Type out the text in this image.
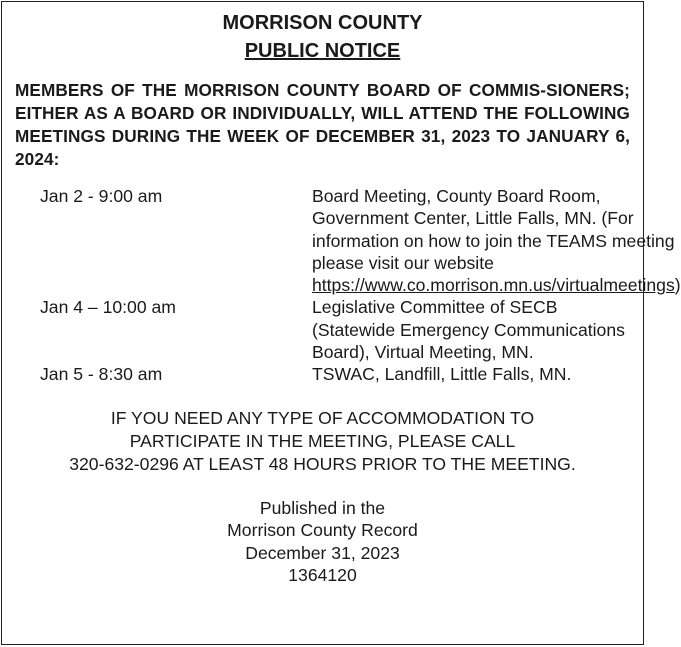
MORRISON COUNTY
PUBLIC NOTICE
MEMBERS OF THE MORRISON COUNTY BOARD OF COMMIS-SIONERS; EITHER AS A BOARD OR INDIVIDUALLY, WILL ATTEND THE FOLLOWING MEETINGS DURING THE WEEK OF DECEMBER 31, 2023 TO JANUARY 6, 2024:
Jan 2 - 9:00 am	Board Meeting, County Board Room, Government Center, Little Falls, MN. (For information on how to join the TEAMS meeting please visit our website https://www.co.morrison.mn.us/virtualmeetings)
Jan 4 – 10:00 am	Legislative Committee of SECB (Statewide Emergency Communications Board), Virtual Meeting, MN.
Jan 5 - 8:30 am	TSWAC, Landfill, Little Falls, MN.
IF YOU NEED ANY TYPE OF ACCOMMODATION TO
PARTICIPATE IN THE MEETING, PLEASE CALL
320-632-0296 AT LEAST 48 HOURS PRIOR TO THE MEETING.
Published in the
Morrison County Record
December 31, 2023
1364120
